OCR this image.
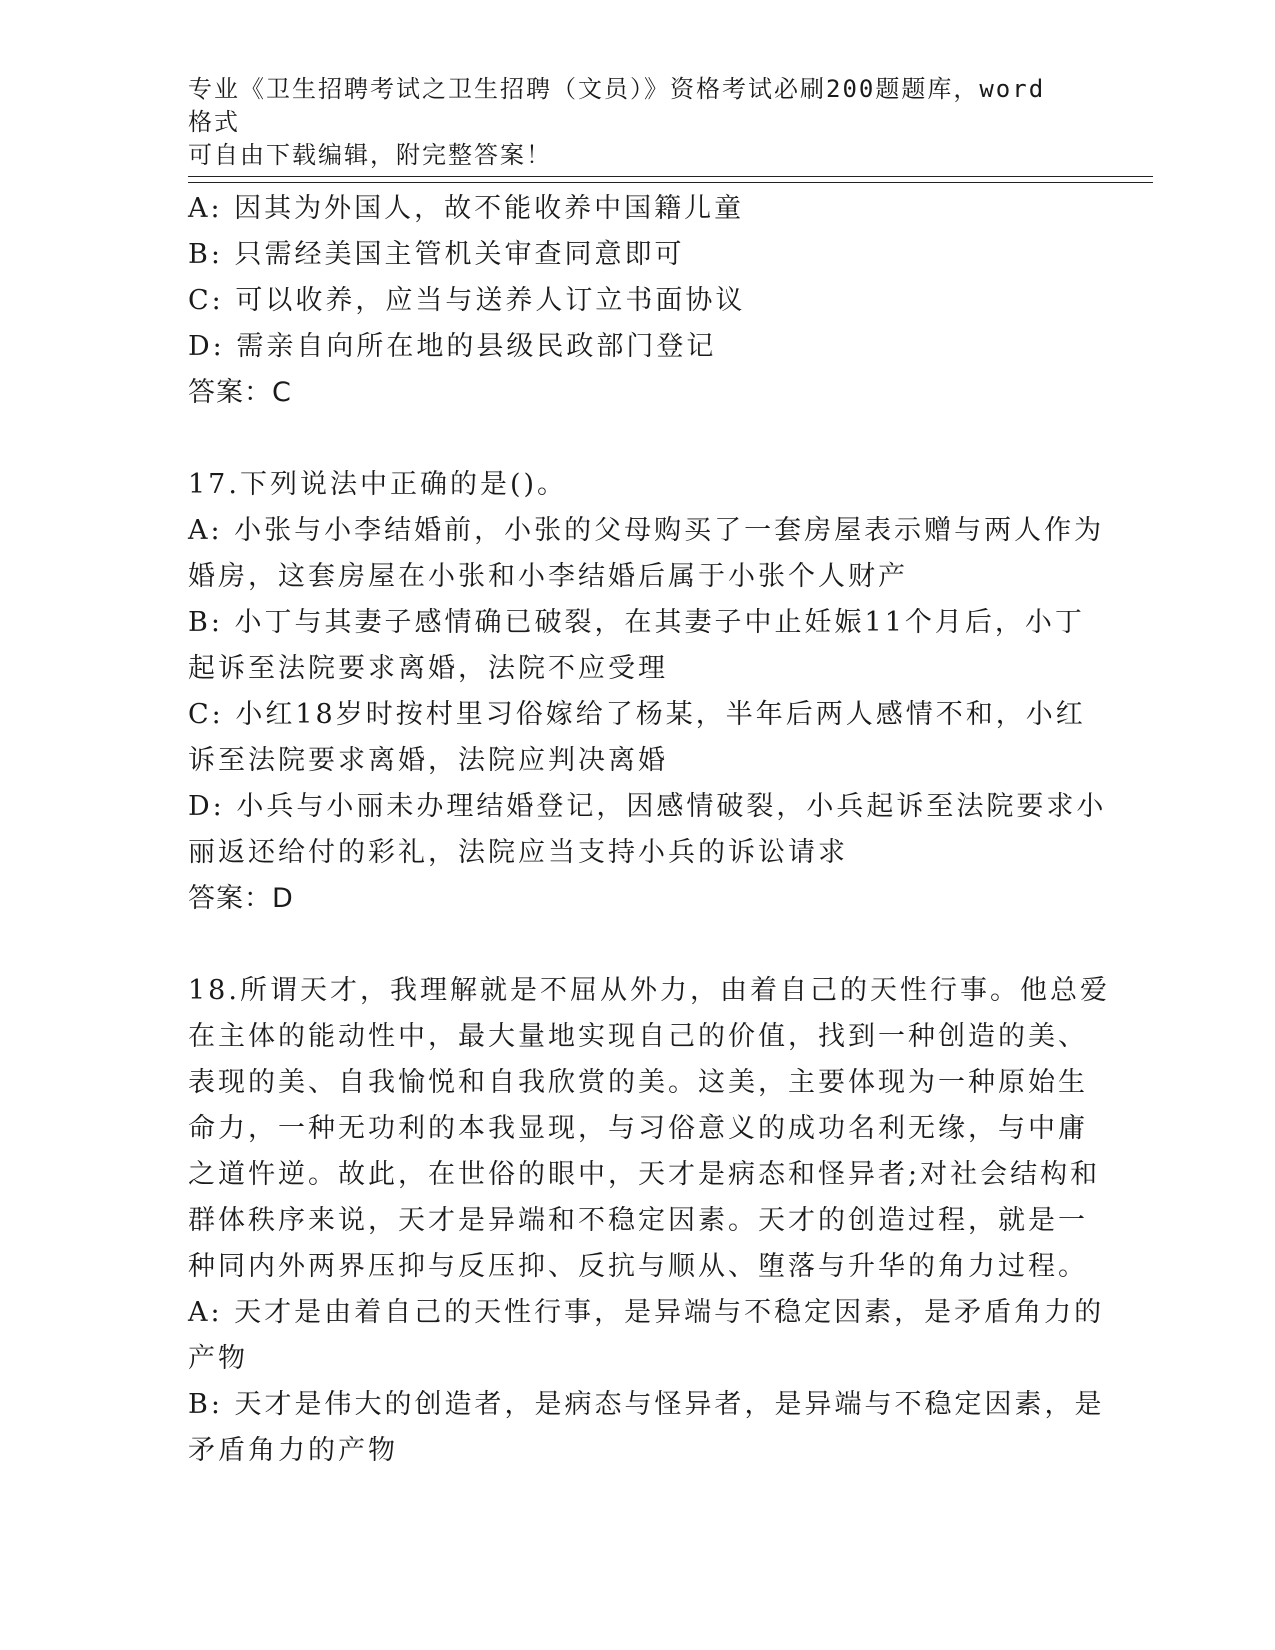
专业《卫生招聘考试之卫生招聘（文员）》资格考试必刷200题题库，word格式
可自由下载编辑，附完整答案！
A: 因其为外国人，故不能收养中国籍儿童
B: 只需经美国主管机关审查同意即可
C: 可以收养，应当与送养人订立书面协议
D: 需亲自向所在地的县级民政部门登记
答案：C
17.下列说法中正确的是()。
A: 小张与小李结婚前，小张的父母购买了一套房屋表示赠与两人作为
婚房，这套房屋在小张和小李结婚后属于小张个人财产
B: 小丁与其妻子感情确已破裂，在其妻子中止妊娠11个月后，小丁
起诉至法院要求离婚，法院不应受理
C: 小红18岁时按村里习俗嫁给了杨某，半年后两人感情不和，小红
诉至法院要求离婚，法院应判决离婚
D: 小兵与小丽未办理结婚登记，因感情破裂，小兵起诉至法院要求小
丽返还给付的彩礼，法院应当支持小兵的诉讼请求
答案：D
18.所谓天才，我理解就是不屈从外力，由着自己的天性行事。他总爱
在主体的能动性中，最大量地实现自己的价值，找到一种创造的美、
表现的美、自我愉悦和自我欣赏的美。这美，主要体现为一种原始生
命力，一种无功利的本我显现，与习俗意义的成功名利无缘，与中庸
之道忤逆。故此，在世俗的眼中，天才是病态和怪异者;对社会结构和
群体秩序来说，天才是异端和不稳定因素。天才的创造过程，就是一
种同内外两界压抑与反压抑、反抗与顺从、堕落与升华的角力过程。
A: 天才是由着自己的天性行事，是异端与不稳定因素，是矛盾角力的
产物
B: 天才是伟大的创造者，是病态与怪异者，是异端与不稳定因素，是
矛盾角力的产物
